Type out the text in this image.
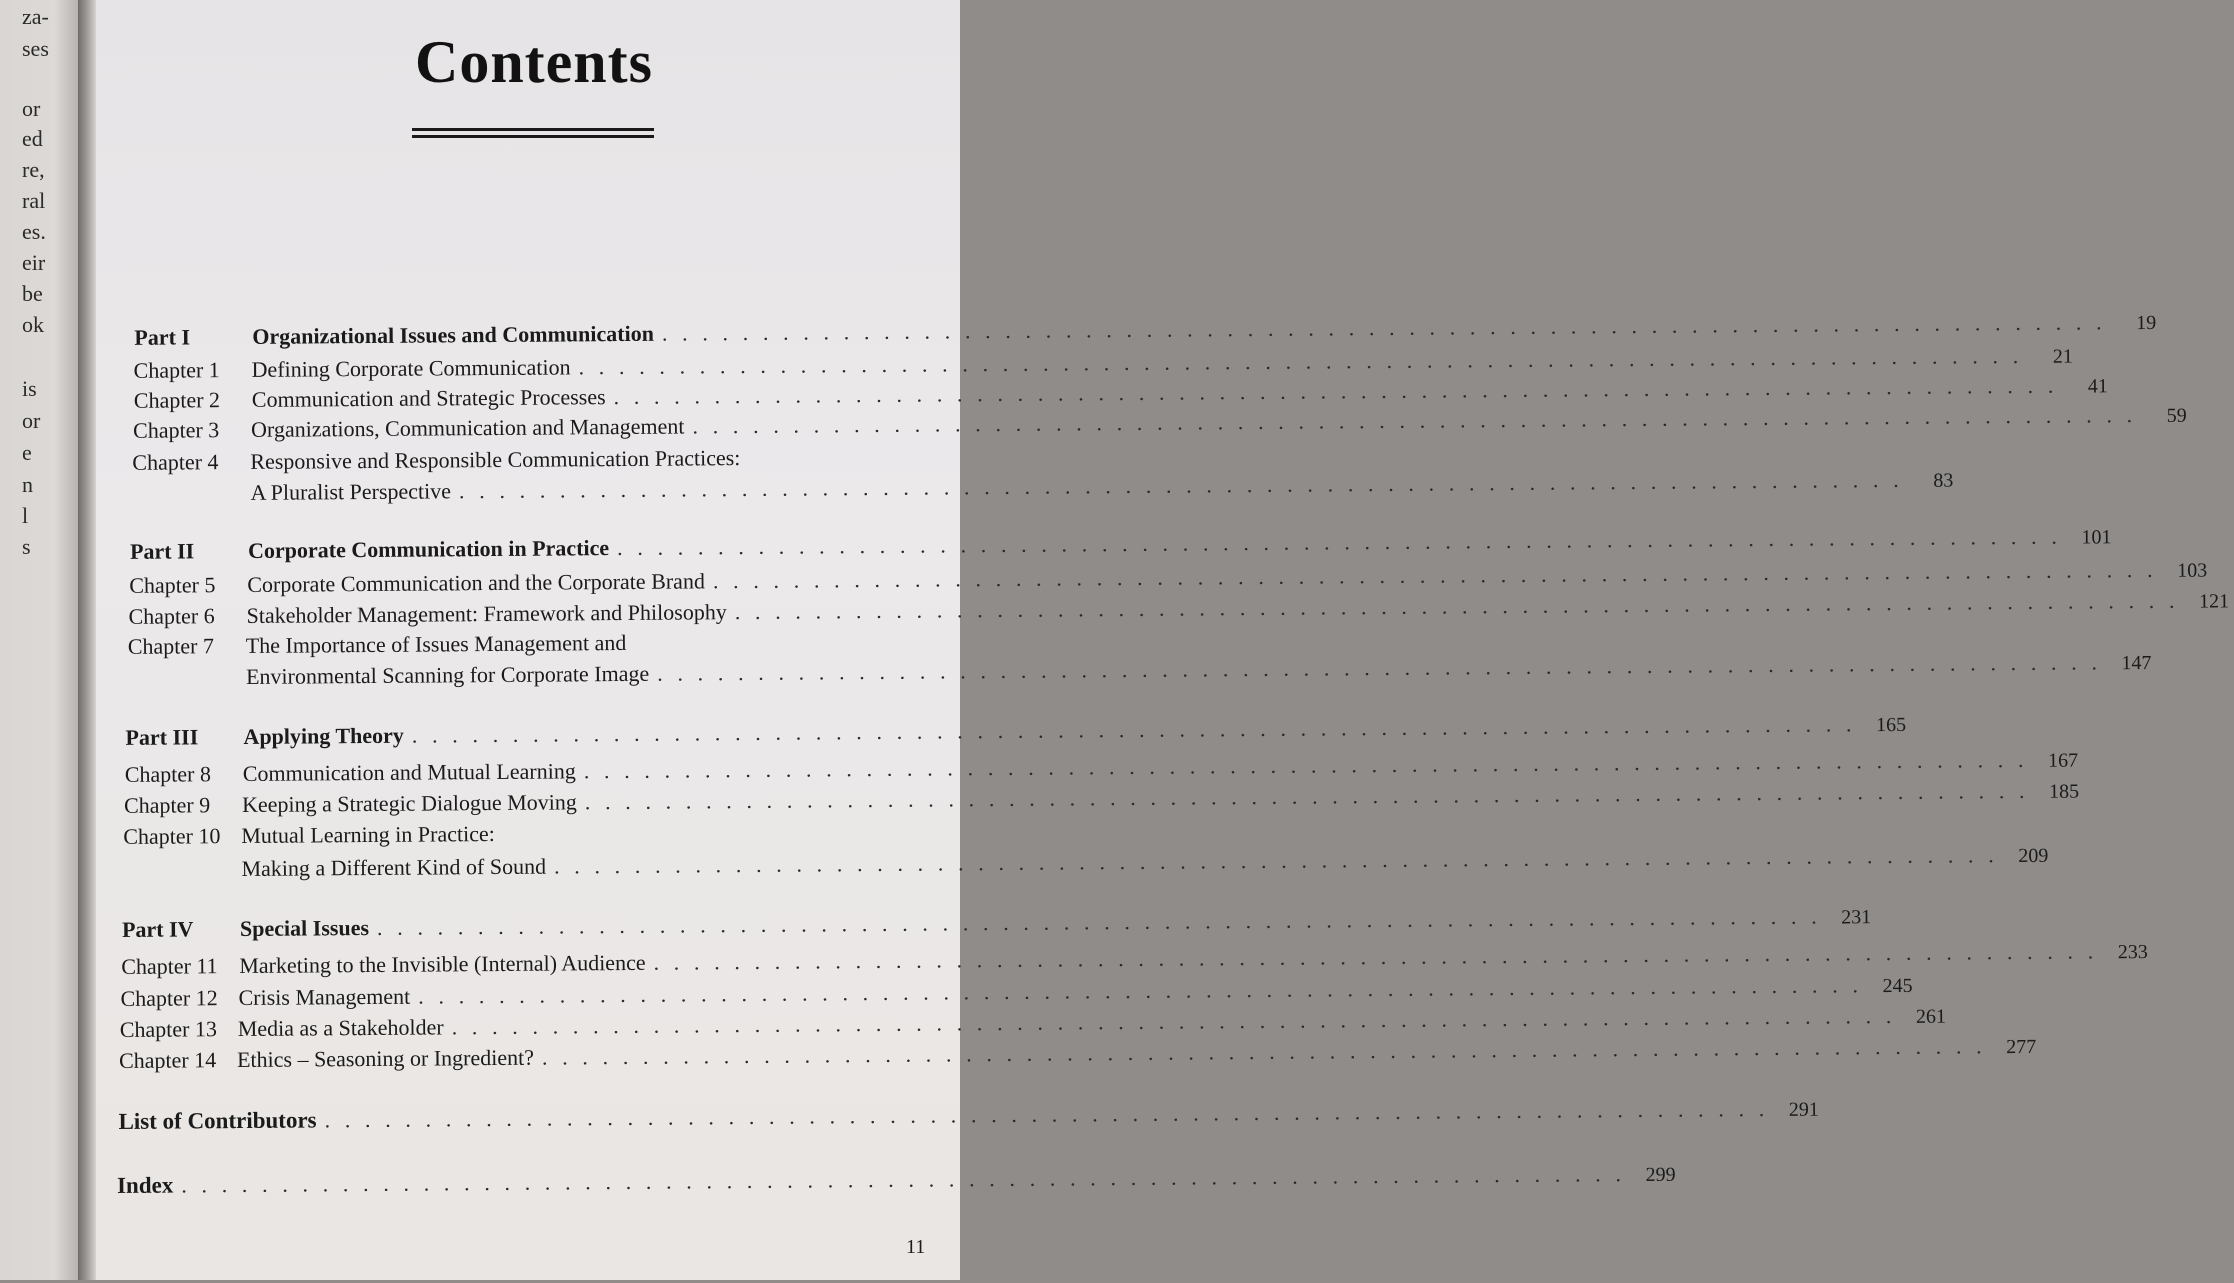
za-
ses
or
ed
re,
ral
es.
eir
be
ok
is
or
e
n
l
s
Contents
Part I	Organizational Issues and Communication . . . . . . . . . . . . . . . . . . . . . . . . . . . . . . . . . . . . . . . . . . . . . . . . . . . . . . . . . . . . . . . . . . . . . . . .	19
Chapter 1	Defining Corporate Communication . . . . . . . . . . . . . . . . . . . . . . . . . . . . . . . . . . . . . . . . . . . . . . . . . . . . . . . . . . . . . . . . . . . . . . . .	21
Chapter 2	Communication and Strategic Processes . . . . . . . . . . . . . . . . . . . . . . . . . . . . . . . . . . . . . . . . . . . . . . . . . . . . . . . . . . . . . . . . . . . . . . . .	41
Chapter 3	Organizations, Communication and Management . . . . . . . . . . . . . . . . . . . . . . . . . . . . . . . . . . . . . . . . . . . . . . . . . . . . . . . . . . . . . . . . . . . . . . . .	59
Chapter 4	Responsive and Responsible Communication Practices:
A Pluralist Perspective . . . . . . . . . . . . . . . . . . . . . . . . . . . . . . . . . . . . . . . . . . . . . . . . . . . . . . . . . . . . . . . . . . . . . . . .	83
Part II	Corporate Communication in Practice . . . . . . . . . . . . . . . . . . . . . . . . . . . . . . . . . . . . . . . . . . . . . . . . . . . . . . . . . . . . . . . . . . . . . . . . 101
Chapter 5	Corporate Communication and the Corporate Brand . . . . . . . . . . . . . . . . . . . . . . . . . . . . . . . . . . . . . . . . . . . . . . . . . . . . . . . . . . . . . . . . . . . . . . . . 103
Chapter 6	Stakeholder Management: Framework and Philosophy . . . . . . . . . . . . . . . . . . . . . . . . . . . . . . . . . . . . . . . . . . . . . . . . . . . . . . . . . . . . . . . . . . . . . . . . 121
Chapter 7	The Importance of Issues Management and
Environmental Scanning for Corporate Image . . . . . . . . . . . . . . . . . . . . . . . . . . . . . . . . . . . . . . . . . . . . . . . . . . . . . . . . . . . . . . . . . . . . . . . . 147
Part III	Applying Theory . . . . . . . . . . . . . . . . . . . . . . . . . . . . . . . . . . . . . . . . . . . . . . . . . . . . . . . . . . . . . . . . . . . . . . . . 165
Chapter 8	Communication and Mutual Learning . . . . . . . . . . . . . . . . . . . . . . . . . . . . . . . . . . . . . . . . . . . . . . . . . . . . . . . . . . . . . . . . . . . . . . . . 167
Chapter 9	Keeping a Strategic Dialogue Moving . . . . . . . . . . . . . . . . . . . . . . . . . . . . . . . . . . . . . . . . . . . . . . . . . . . . . . . . . . . . . . . . . . . . . . . . 185
Chapter 10 Mutual Learning in Practice:
Making a Different Kind of Sound . . . . . . . . . . . . . . . . . . . . . . . . . . . . . . . . . . . . . . . . . . . . . . . . . . . . . . . . . . . . . . . . . . . . . . . . 209
Part IV	Special Issues . . . . . . . . . . . . . . . . . . . . . . . . . . . . . . . . . . . . . . . . . . . . . . . . . . . . . . . . . . . . . . . . . . . . . . . . 231
Chapter 11 Marketing to the Invisible (Internal) Audience . . . . . . . . . . . . . . . . . . . . . . . . . . . . . . . . . . . . . . . . . . . . . . . . . . . . . . . . . . . . . . . . . . . . . . . . 233
Chapter 12 Crisis Management . . . . . . . . . . . . . . . . . . . . . . . . . . . . . . . . . . . . . . . . . . . . . . . . . . . . . . . . . . . . . . . . . . . . . . . . 245
Chapter 13 Media as a Stakeholder . . . . . . . . . . . . . . . . . . . . . . . . . . . . . . . . . . . . . . . . . . . . . . . . . . . . . . . . . . . . . . . . . . . . . . . . 261
Chapter 14 Ethics – Seasoning or Ingredient? . . . . . . . . . . . . . . . . . . . . . . . . . . . . . . . . . . . . . . . . . . . . . . . . . . . . . . . . . . . . . . . . . . . . . . . . 277
List of Contributors . . . . . . . . . . . . . . . . . . . . . . . . . . . . . . . . . . . . . . . . . . . . . . . . . . . . . . . . . . . . . . . . . . . . . . . . 291
Index . . . . . . . . . . . . . . . . . . . . . . . . . . . . . . . . . . . . . . . . . . . . . . . . . . . . . . . . . . . . . . . . . . . . . . . . 299
11
